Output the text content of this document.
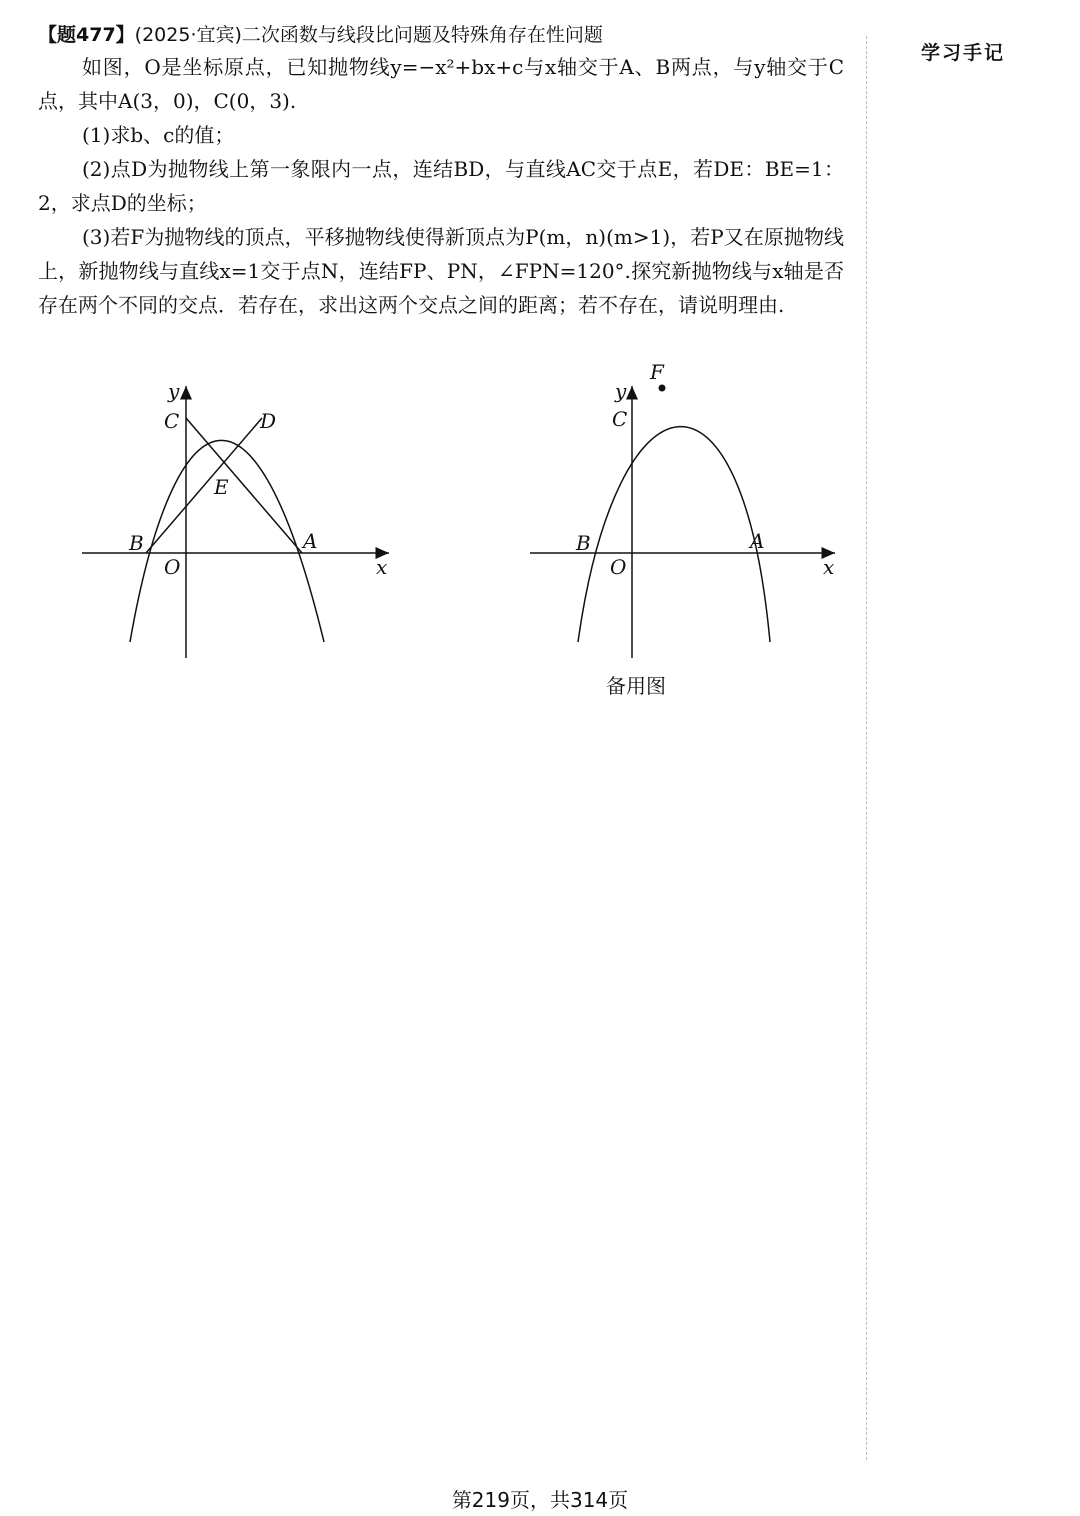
【题477】(2025·宜宾)二次函数与线段比问题及特殊角存在性问题

如图，O是坐标原点，已知抛物线y=−x²+bx+c与x轴交于A、B两点，与y轴交于C点，其中A(3，0)，C(0，3).

(1)求b、c的值；

(2)点D为抛物线上第一象限内一点，连结BD，与直线AC交于点E，若DE：BE=1：2，求点D的坐标；

(3)若F为抛物线的顶点，平移抛物线使得新顶点为P(m，n)(m>1)，若P又在原抛物线上，新抛物线与直线x=1交于点N，连结FP、PN，∠FPN=120°.探究新抛物线与x轴是否存在两个不同的交点．若存在，求出这两个交点之间的距离；若不存在，请说明理由.

学习手记
y
C	D
E
B	A
O	x
F
y
C
B	A
O	x
备用图
第219页，共314页
